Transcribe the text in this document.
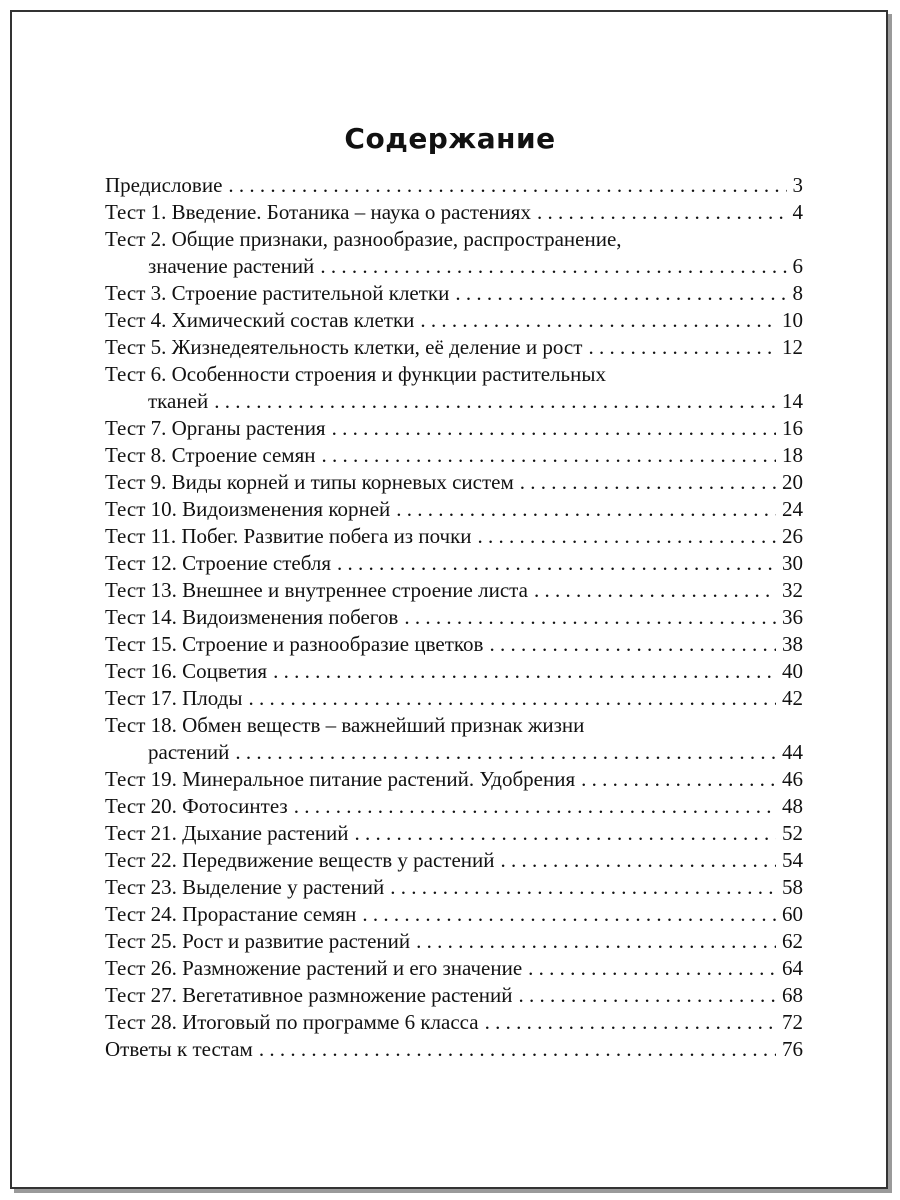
Содержание
Предисловие . . .	3
Тест 1. Введение. Ботаника – наука о растениях . . .	4
Тест 2. Общие признаки, разнообразие, распространение,
значение растений . . .	6
Тест 3. Строение растительной клетки . . .	8
Тест 4. Химический состав клетки . . .	10
Тест 5. Жизнедеятельность клетки, её деление и рост . . .	12
Тест 6. Особенности строения и функции растительных
тканей . . .	14
Тест 7. Органы растения . . .	16
Тест 8. Строение семян . . .	18
Тест 9. Виды корней и типы корневых систем . . .	20
Тест 10. Видоизменения корней . . .	24
Тест 11. Побег. Развитие побега из почки . . .	26
Тест 12. Строение стебля . . .	30
Тест 13. Внешнее и внутреннее строение листа . . .	32
Тест 14. Видоизменения побегов . . .	36
Тест 15. Строение и разнообразие цветков . . .	38
Тест 16. Соцветия . . .	40
Тест 17. Плоды . . .	42
Тест 18. Обмен веществ – важнейший признак жизни
растений . . .	44
Тест 19. Минеральное питание растений. Удобрения . . .	46
Тест 20. Фотосинтез . . .	48
Тест 21. Дыхание растений . . .	52
Тест 22. Передвижение веществ у растений . . .	54
Тест 23. Выделение у растений . . .	58
Тест 24. Прорастание семян . . .	60
Тест 25. Рост и развитие растений . . .	62
Тест 26. Размножение растений и его значение . . .	64
Тест 27. Вегетативное размножение растений . . .	68
Тест 28. Итоговый по программе 6 класса . . .	72
Ответы к тестам . . .	76
